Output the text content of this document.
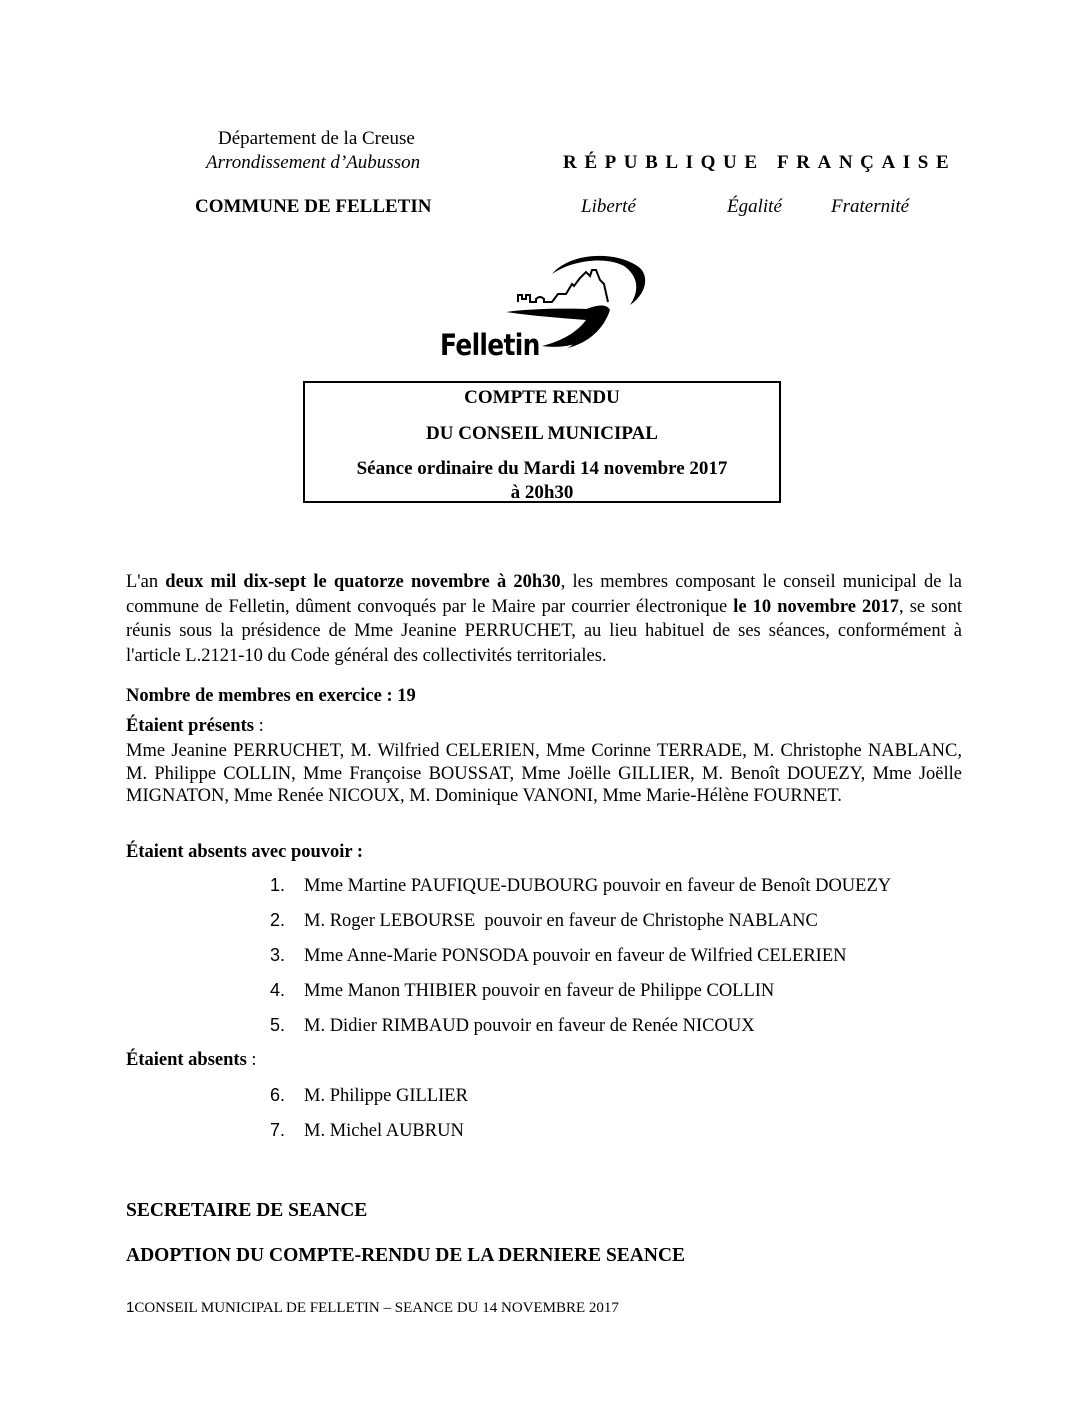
Département de la Creuse
Arrondissement d’Aubusson	RÉPUBLIQUE FRANÇAISE
COMMUNE DE FELLETIN	Liberté	Égalité	Fraternité
Felletin
COMPTE RENDU
DU CONSEIL MUNICIPAL
Séance ordinaire du Mardi 14 novembre 2017
à 20h30
L'an deux mil dix-sept le quatorze novembre à 20h30, les membres composant le conseil municipal de la commune de Felletin, dûment convoqués par le Maire par courrier électronique le 10 novembre 2017, se sont réunis sous la présidence de Mme Jeanine PERRUCHET, au lieu habituel de ses séances, conformément à l'article L.2121-10 du Code général des collectivités territoriales.
Nombre de membres en exercice : 19
Étaient présents :
Mme Jeanine PERRUCHET, M. Wilfried CELERIEN, Mme Corinne TERRADE, M. Christophe NABLANC, M. Philippe COLLIN, Mme Françoise BOUSSAT, Mme Joëlle GILLIER, M. Benoît DOUEZY, Mme Joëlle MIGNATON, Mme Renée NICOUX, M. Dominique VANONI, Mme Marie-Hélène FOURNET.
Étaient absents avec pouvoir :
1. Mme Martine PAUFIQUE-DUBOURG pouvoir en faveur de Benoît DOUEZY
2. M. Roger LEBOURSE  pouvoir en faveur de Christophe NABLANC
3. Mme Anne-Marie PONSODA pouvoir en faveur de Wilfried CELERIEN
4. Mme Manon THIBIER pouvoir en faveur de Philippe COLLIN
5. M. Didier RIMBAUD pouvoir en faveur de Renée NICOUX
Étaient absents :
6. M. Philippe GILLIER
7. M. Michel AUBRUN
SECRETAIRE DE SEANCE
ADOPTION DU COMPTE-RENDU DE LA DERNIERE SEANCE
1CONSEIL MUNICIPAL DE FELLETIN – SEANCE DU 14 NOVEMBRE 2017
